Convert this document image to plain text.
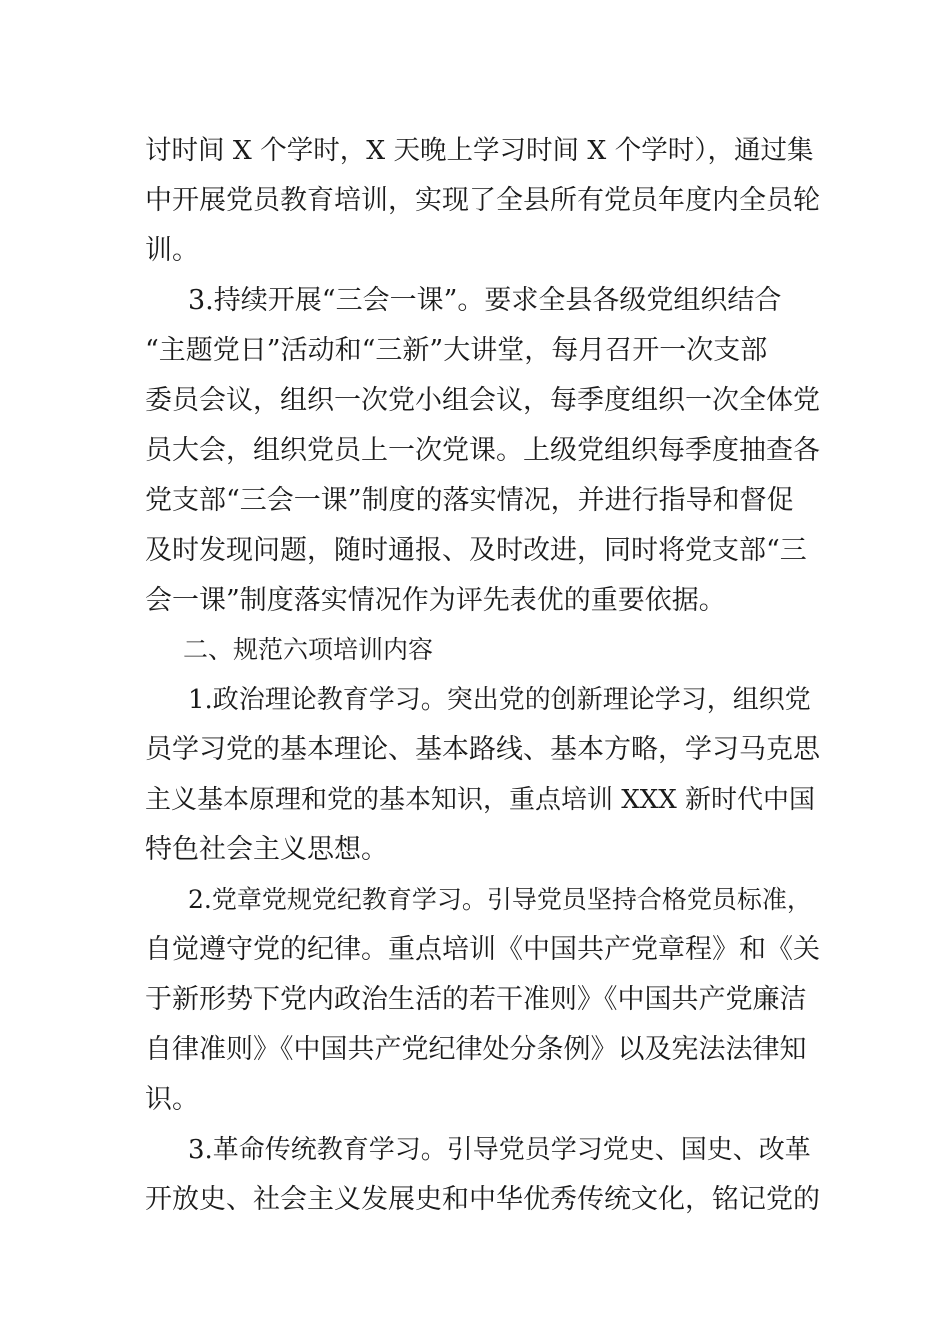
讨时间 X 个学时，X 天晚上学习时间 X 个学时），通过集

中开展党员教育培训，实现了全县所有党员年度内全员轮

训。

3.持续开展“三会一课”。要求全县各级党组织结合

“主题党日”活动和“三新”大讲堂，每月召开一次支部

委员会议，组织一次党小组会议，每季度组织一次全体党

员大会，组织党员上一次党课。上级党组织每季度抽查各

党支部“三会一课”制度的落实情况，并进行指导和督促

及时发现问题，随时通报、及时改进，同时将党支部“三

会一课”制度落实情况作为评先表优的重要依据。

二、规范六项培训内容

1.政治理论教育学习。突出党的创新理论学习，组织党

员学习党的基本理论、基本路线、基本方略，学习马克思

主义基本原理和党的基本知识，重点培训 XXX 新时代中国

特色社会主义思想。

2.党章党规党纪教育学习。引导党员坚持合格党员标准，

自觉遵守党的纪律。重点培训《中国共产党章程》和《关

于新形势下党内政治生活的若干准则》《中国共产党廉洁

自律准则》《中国共产党纪律处分条例》以及宪法法律知

识。

3.革命传统教育学习。引导党员学习党史、国史、改革

开放史、社会主义发展史和中华优秀传统文化，铭记党的
